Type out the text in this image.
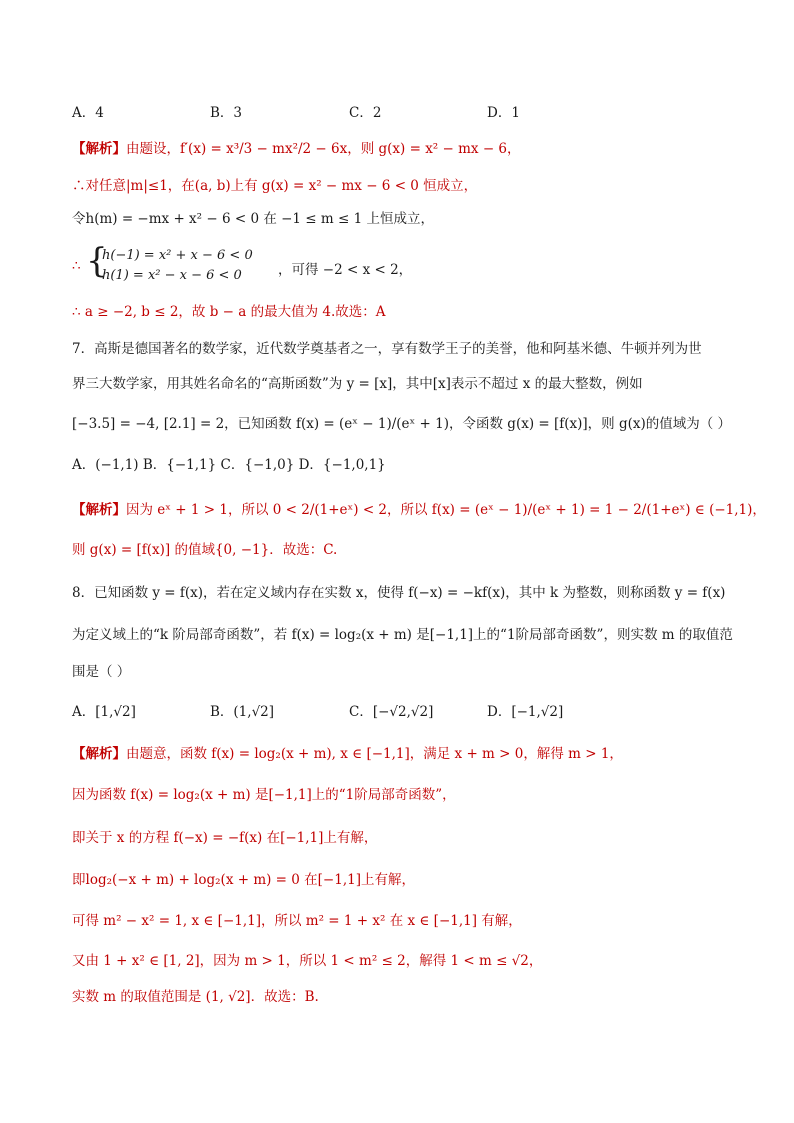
A．4	B．3	C．2	D．1
【解析】由题设，f′(x) = x³/3 − mx²/2 − 6x，则 g(x) = x² − mx − 6，
∴对任意|m|≤1，在(a, b)上有 g(x) = x² − mx − 6 < 0 恒成立，
令h(m) = −mx + x² − 6 < 0 在 −1 ≤ m ≤ 1 上恒成立，
∴ {
h(−1) = x² + x − 6 < 0
h(1) = x² − x − 6 < 0	，可得 −2 < x < 2，
∴ a ≥ −2, b ≤ 2，故 b − a 的最大值为 4.故选：A
7．高斯是德国著名的数学家，近代数学奠基者之一，享有数学王子的美誉，他和阿基米德、牛顿并列为世
界三大数学家，用其姓名命名的“高斯函数”为 y = [x]，其中[x]表示不超过 x 的最大整数，例如
[−3.5] = −4, [2.1] = 2，已知函数 f(x) = (eˣ − 1)/(eˣ + 1)，令函数 g(x) = [f(x)]，则 g(x)的值域为（ ）
A．(−1,1) B．{−1,1} C．{−1,0} D．{−1,0,1}
【解析】因为 eˣ + 1 > 1，所以 0 < 2/(1+eˣ) < 2，所以 f(x) = (eˣ − 1)/(eˣ + 1) = 1 − 2/(1+eˣ) ∈ (−1,1)，
则 g(x) = [f(x)] 的值域{0, −1}．故选：C.
8．已知函数 y = f(x)，若在定义域内存在实数 x，使得 f(−x) = −kf(x)，其中 k 为整数，则称函数 y = f(x)
为定义域上的“k 阶局部奇函数”，若 f(x) = log₂(x + m) 是[−1,1]上的“1阶局部奇函数”，则实数 m 的取值范
围是（ ）
A．[1,√2]	B．(1,√2]	C．[−√2,√2]	D．[−1,√2]
【解析】由题意，函数 f(x) = log₂(x + m), x ∈ [−1,1]，满足 x + m > 0，解得 m > 1，
因为函数 f(x) = log₂(x + m) 是[−1,1]上的“1阶局部奇函数”，
即关于 x 的方程 f(−x) = −f(x) 在[−1,1]上有解，
即log₂(−x + m) + log₂(x + m) = 0 在[−1,1]上有解，
可得 m² − x² = 1, x ∈ [−1,1]，所以 m² = 1 + x² 在 x ∈ [−1,1] 有解，
又由 1 + x² ∈ [1, 2]，因为 m > 1，所以 1 < m² ≤ 2，解得 1 < m ≤ √2，
实数 m 的取值范围是 (1, √2]．故选：B.
